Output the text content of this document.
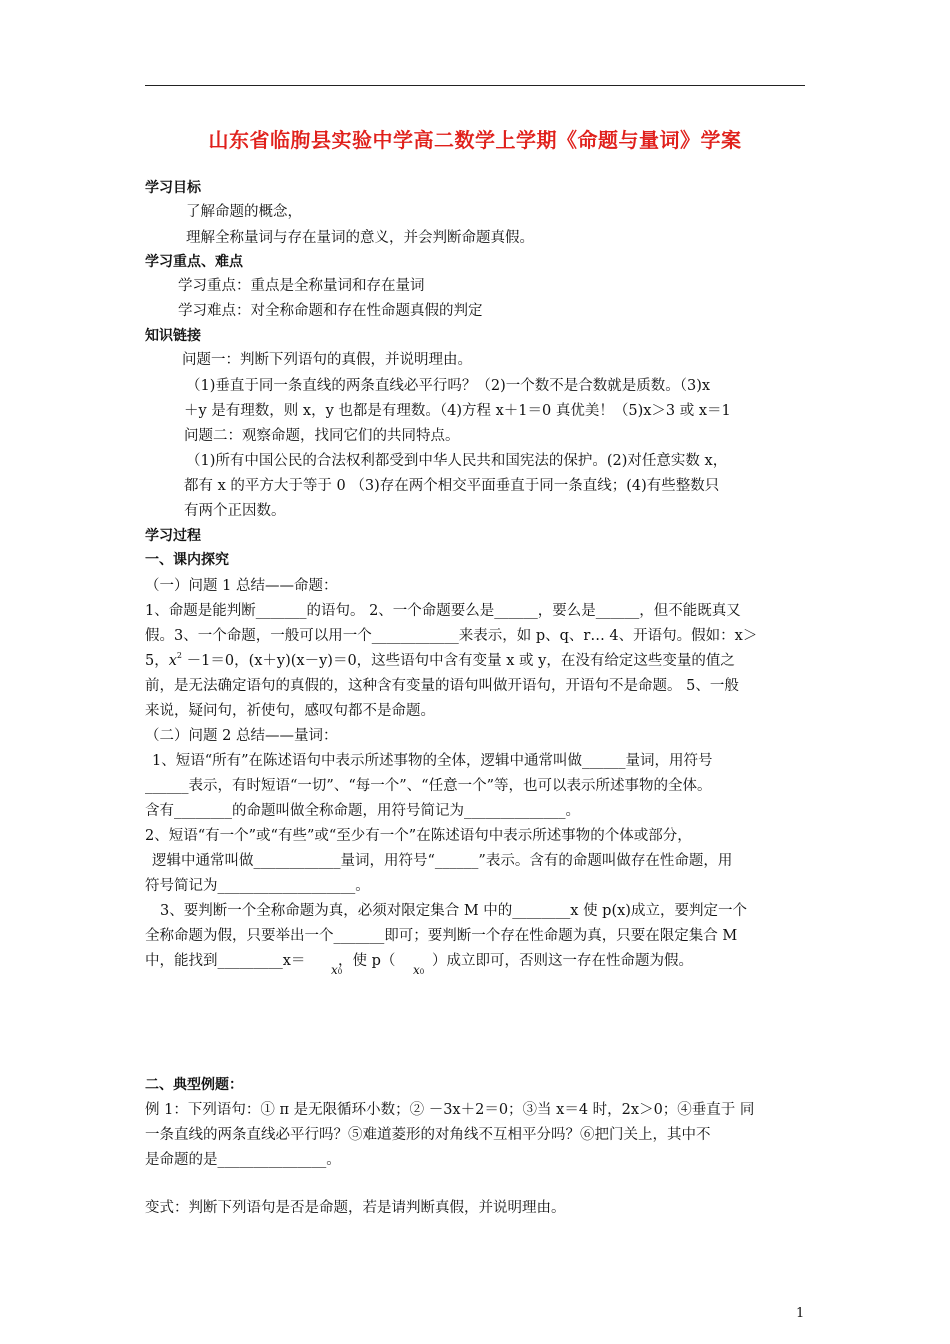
山东省临朐县实验中学高二数学上学期《命题与量词》学案
学习目标
了解命题的概念，
理解全称量词与存在量词的意义，并会判断命题真假。
学习重点、难点
学习重点：重点是全称量词和存在量词
学习难点：对全称命题和存在性命题真假的判定
知识链接
问题一：判断下列语句的真假，并说明理由。
（1)垂直于同一条直线的两条直线必平行吗？（2)一个数不是合数就是质数。（3)x
＋y 是有理数，则 x，y 也都是有理数。（4)方程 x＋1＝0 真优美！（5)x＞3 或 x＝1
问题二：观察命题，找同它们的共同特点。
（1)所有中国公民的合法权利都受到中华人民共和国宪法的保护。(2)对任意实数 x，
都有 x 的平方大于等于 0 （3)存在两个相交平面垂直于同一条直线；(4)有些整数只
有两个正因数。
学习过程
一、课内探究
（一）问题 1 总结——命题：
1、命题是能判断_______的语句。 2、一个命题要么是______，要么是______，但不能既真又
假。3、一个命题，一般可以用一个____________来表示，如 p、q、r… 4、开语句。假如：x＞
5，$x^2 -1=0$，(x＋y)(x－y)＝0，这些语句中含有变量 x 或 y，在没有给定这些变量的值之
前，是无法确定语句的真假的，这种含有变量的语句叫做开语句，开语句不是命题。 5、一般
来说，疑问句，祈使句，感叹句都不是命题。
（二）问题 2 总结——量词：
1、短语“所有”在陈述语句中表示所述事物的全体，逻辑中通常叫做______量词，用符号
______表示，有时短语“一切”、“每一个”、“任意一个”等，也可以表示所述事物的全体。
含有________的命题叫做全称命题，用符号简记为______________。
2、短语“有一个”或“有些”或“至少有一个”在陈述语句中表示所述事物的个体或部分，
逻辑中通常叫做____________量词，用符号“______”表示。含有的命题叫做存在性命题，用
符号简记为___________________。
3、要判断一个全称命题为真，必须对限定集合 M 中的________x 使 p(x)成立，要判定一个
全称命题为假，只要举出一个_______即可；要判断一个存在性命题为真，只要在限定集合 M
中，能找到_________x＝ ，使 p（	）成立即可，否则这一存在性命题为假。
x0	x0
二、典型例题：
例 1：下列语句：① π 是无限循环小数；② －3x＋2＝0；③当 x＝4 时，2x＞0；④垂直于 同
一条直线的两条直线必平行吗？⑤难道菱形的对角线不互相平分吗？⑥把门关上，其中不
是命题的是_______________。
变式：判断下列语句是否是命题，若是请判断真假，并说明理由。
1
